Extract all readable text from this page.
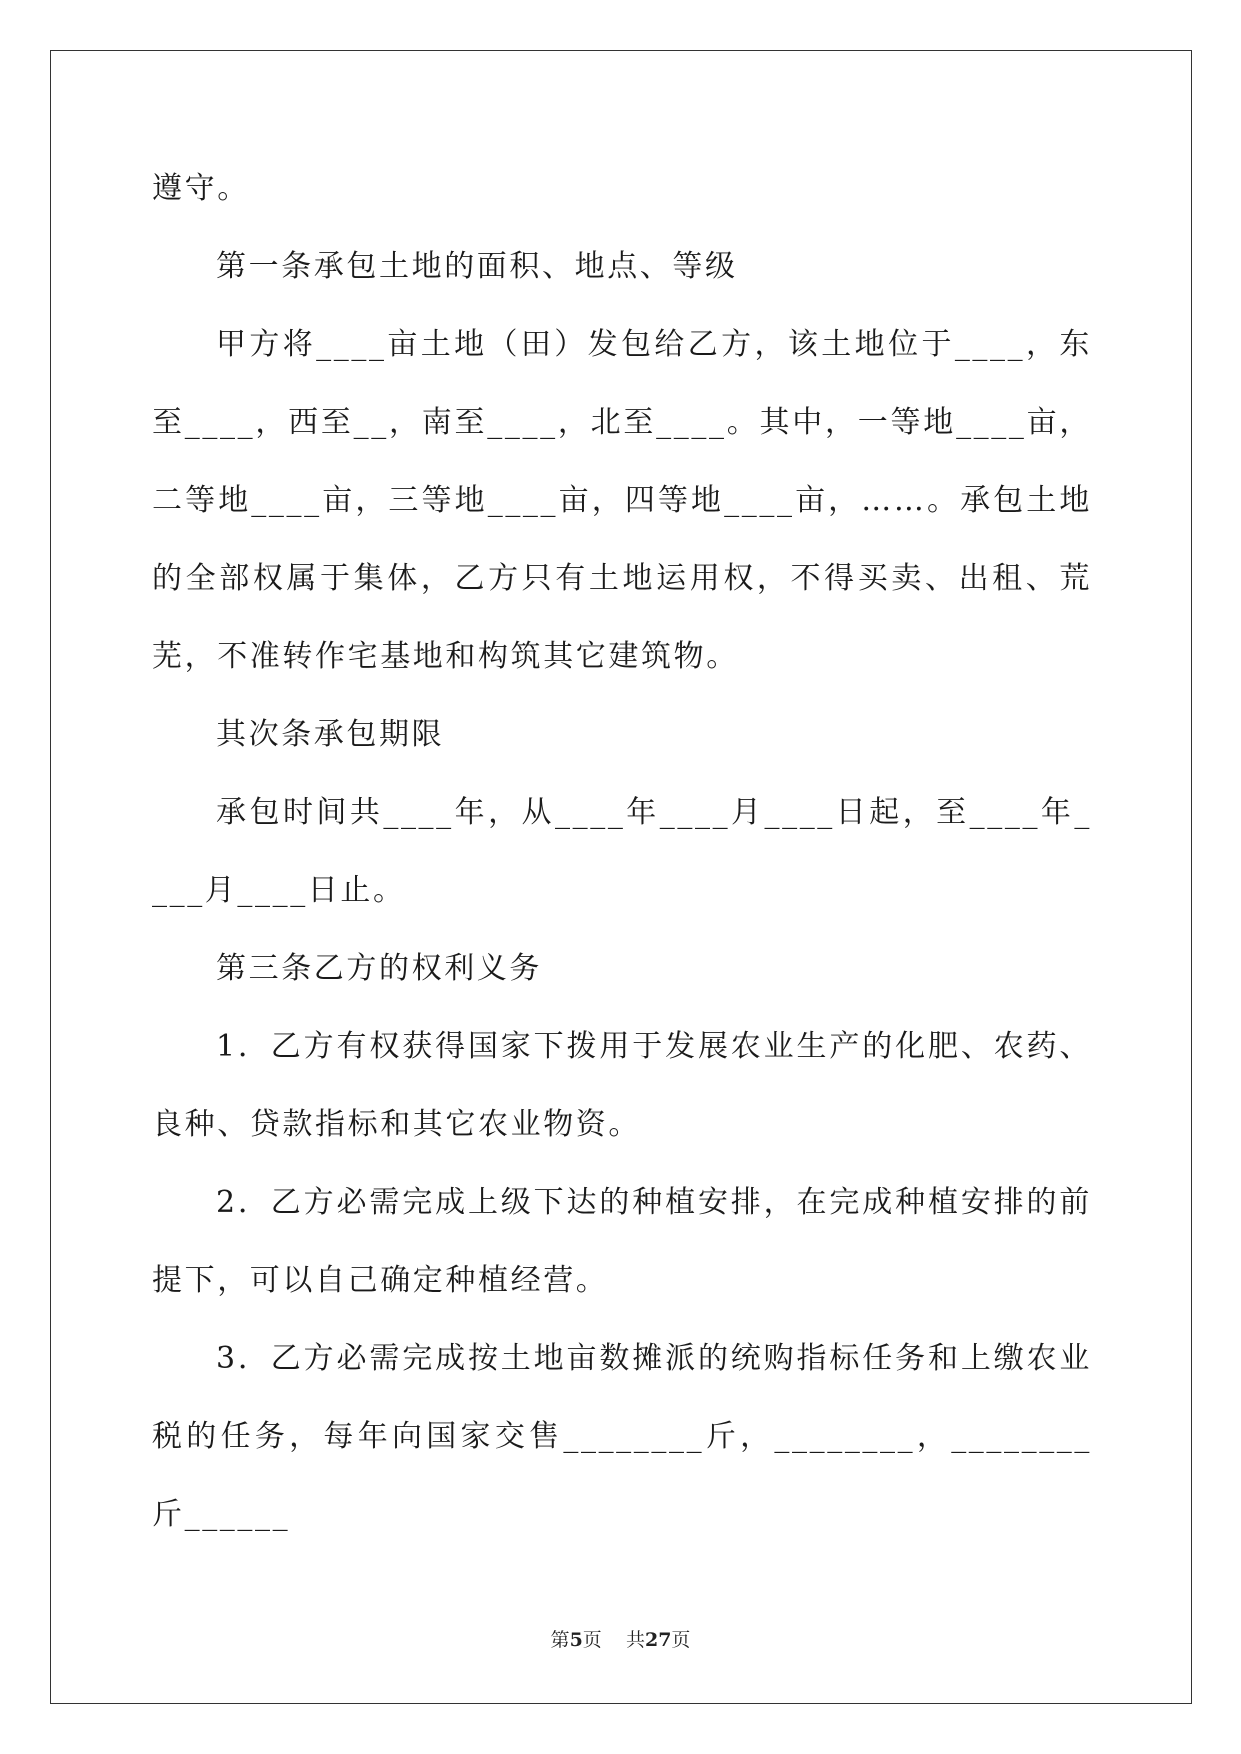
遵守。

第一条承包土地的面积、地点、等级

甲方将____亩土地（田）发包给乙方，该土地位于____，东至____，西至__，南至____，北至____。其中，一等地____亩，二等地____亩，三等地____亩，四等地____亩，……。承包土地的全部权属于集体，乙方只有土地运用权，不得买卖、出租、荒芜，不准转作宅基地和构筑其它建筑物。

其次条承包期限

承包时间共____年，从____年____月____日起，至____年____月____日止。

第三条乙方的权利义务

1．乙方有权获得国家下拨用于发展农业生产的化肥、农药、良种、贷款指标和其它农业物资。

2．乙方必需完成上级下达的种植安排，在完成种植安排的前提下，可以自己确定种植经营。

3．乙方必需完成按土地亩数摊派的统购指标任务和上缴农业税的任务，每年向国家交售________斤，________，________斤______

第5页    共27页
